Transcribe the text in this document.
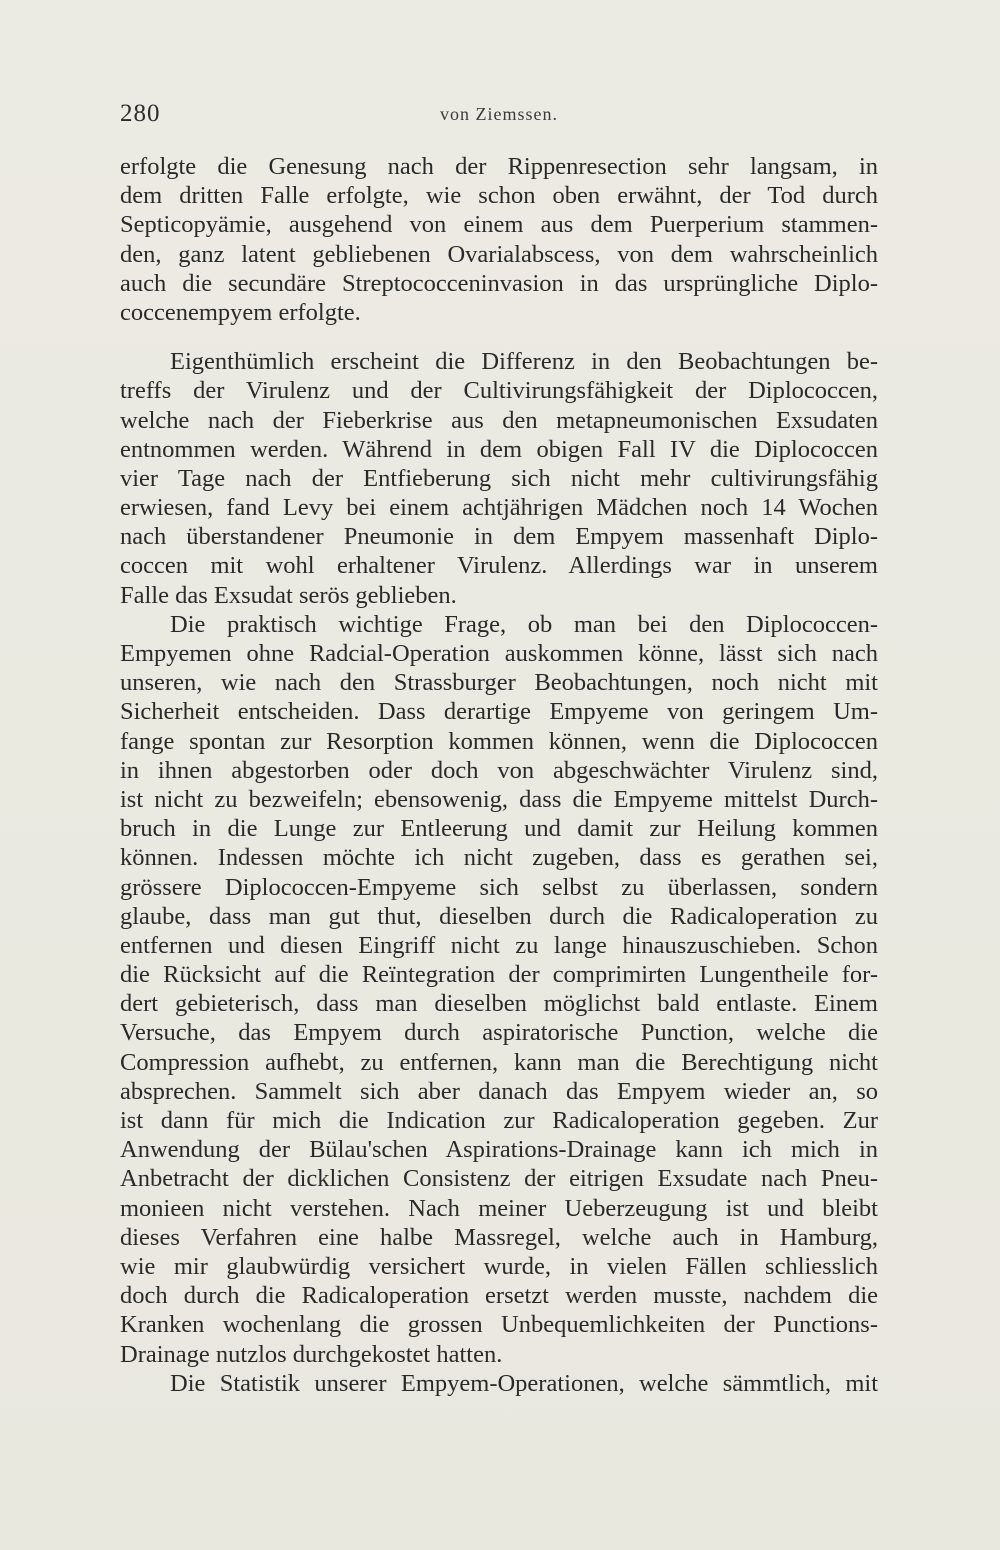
280	von Ziemssen.
erfolgte die Genesung nach der Rippenresection sehr langsam, in
dem dritten Falle erfolgte, wie schon oben erwähnt, der Tod durch
Septicopyämie, ausgehend von einem aus dem Puerperium stammen-
den, ganz latent gebliebenen Ovarialabscess, von dem wahrscheinlich
auch die secundäre Streptococceninvasion in das ursprüngliche Diplo-
coccenempyem erfolgte.
Eigenthümlich erscheint die Differenz in den Beobachtungen be-
treffs der Virulenz und der Cultivirungsfähigkeit der Diplococcen,
welche nach der Fieberkrise aus den metapneumonischen Exsudaten
entnommen werden. Während in dem obigen Fall IV die Diplococcen
vier Tage nach der Entfieberung sich nicht mehr cultivirungsfähig
erwiesen, fand Levy bei einem achtjährigen Mädchen noch 14 Wochen
nach überstandener Pneumonie in dem Empyem massenhaft Diplo-
coccen mit wohl erhaltener Virulenz. Allerdings war in unserem
Falle das Exsudat serös geblieben.
Die praktisch wichtige Frage, ob man bei den Diplococcen-
Empyemen ohne Radcial-Operation auskommen könne, lässt sich nach
unseren, wie nach den Strassburger Beobachtungen, noch nicht mit
Sicherheit entscheiden. Dass derartige Empyeme von geringem Um-
fange spontan zur Resorption kommen können, wenn die Diplococcen
in ihnen abgestorben oder doch von abgeschwächter Virulenz sind,
ist nicht zu bezweifeln; ebensowenig, dass die Empyeme mittelst Durch-
bruch in die Lunge zur Entleerung und damit zur Heilung kommen
können. Indessen möchte ich nicht zugeben, dass es gerathen sei,
grössere Diplococcen-Empyeme sich selbst zu überlassen, sondern
glaube, dass man gut thut, dieselben durch die Radicaloperation zu
entfernen und diesen Eingriff nicht zu lange hinauszuschieben. Schon
die Rücksicht auf die Reïntegration der comprimirten Lungentheile for-
dert gebieterisch, dass man dieselben möglichst bald entlaste. Einem
Versuche, das Empyem durch aspiratorische Punction, welche die
Compression aufhebt, zu entfernen, kann man die Berechtigung nicht
absprechen. Sammelt sich aber danach das Empyem wieder an, so
ist dann für mich die Indication zur Radicaloperation gegeben. Zur
Anwendung der Bülau'schen Aspirations-Drainage kann ich mich in
Anbetracht der dicklichen Consistenz der eitrigen Exsudate nach Pneu-
monieen nicht verstehen. Nach meiner Ueberzeugung ist und bleibt
dieses Verfahren eine halbe Massregel, welche auch in Hamburg,
wie mir glaubwürdig versichert wurde, in vielen Fällen schliesslich
doch durch die Radicaloperation ersetzt werden musste, nachdem die
Kranken wochenlang die grossen Unbequemlichkeiten der Punctions-
Drainage nutzlos durchgekostet hatten.
Die Statistik unserer Empyem-Operationen, welche sämmtlich, mit
